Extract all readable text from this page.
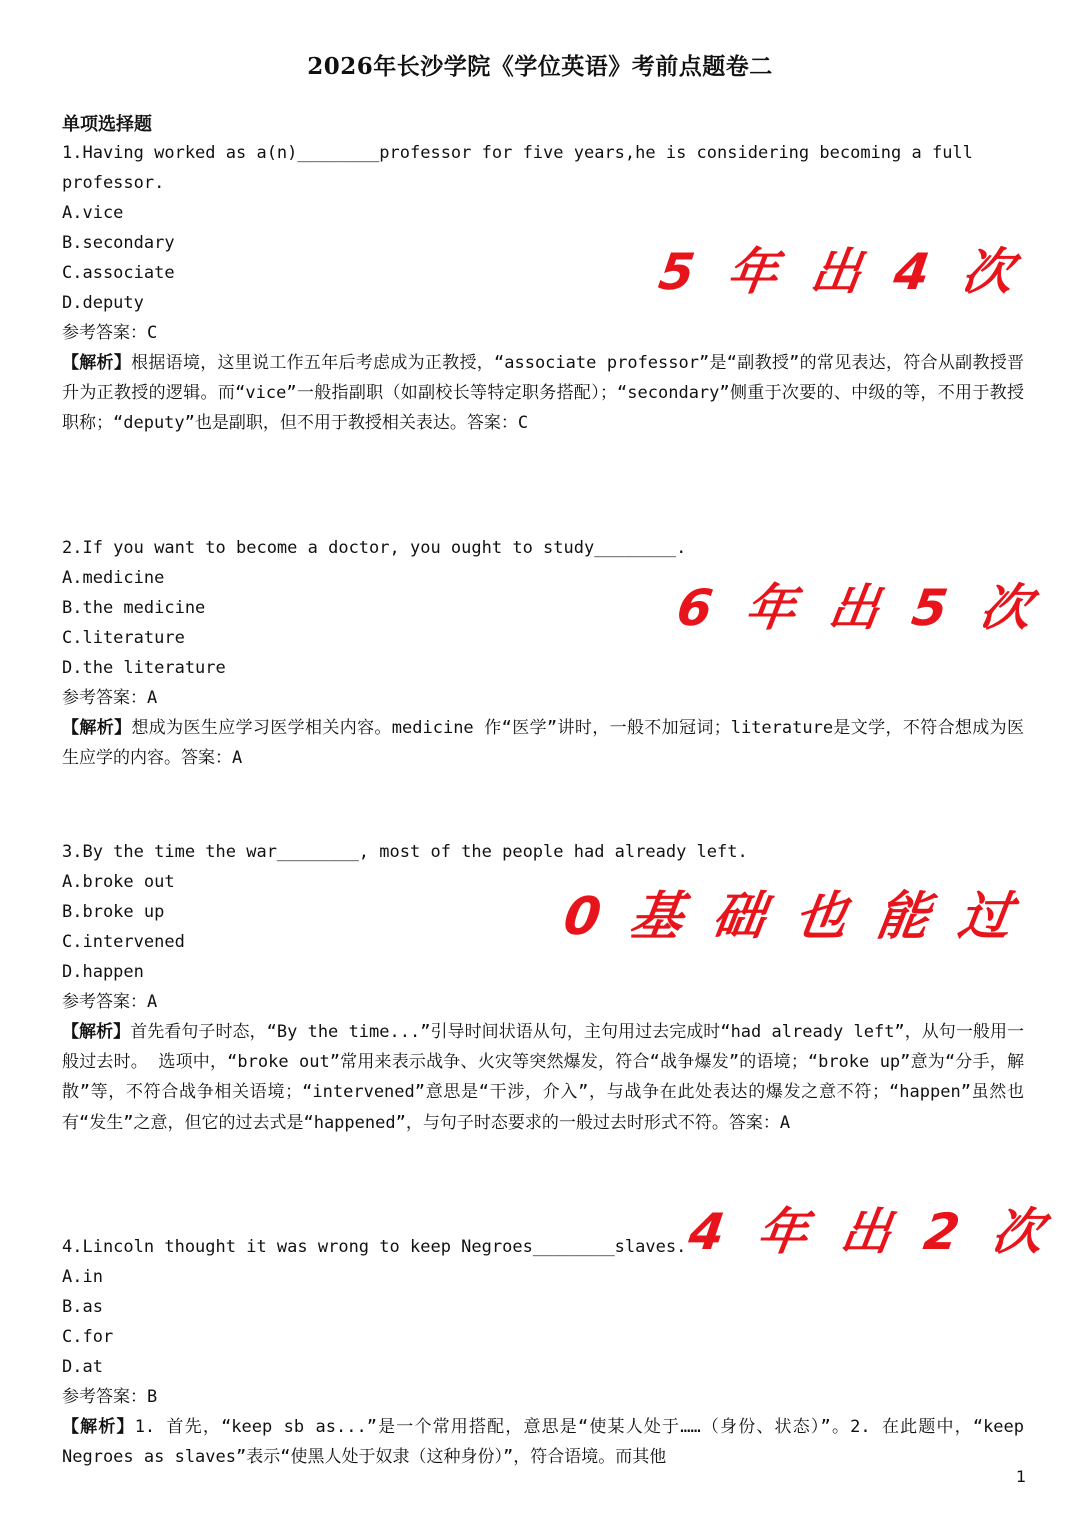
2026年长沙学院《学位英语》考前点题卷二
单项选择题
1.Having worked as a(n)________professor for five years,he is considering becoming a full
professor.
A.vice
B.secondary
C.associate
D.deputy
参考答案：C
【解析】根据语境，这里说工作五年后考虑成为正教授，“associate professor”是“副教授”的常见表达，符合从副教授晋升为正教授的逻辑。而“vice”一般指副职（如副校长等特定职务搭配）；“secondary”侧重于次要的、中级的等，不用于教授职称；“deputy”也是副职，但不用于教授相关表达。答案：C
5 年 出 4 次
2.If you want to become a doctor, you ought to study________.
A.medicine
B.the medicine
C.literature
D.the literature
参考答案：A
【解析】想成为医生应学习医学相关内容。medicine 作“医学”讲时，一般不加冠词；literature是文学，不符合想成为医生应学的内容。答案：A
6 年 出 5 次
3.By the time the war________, most of the people had already left.
A.broke out
B.broke up
C.intervened
D.happen
参考答案：A
【解析】首先看句子时态，“By the time...”引导时间状语从句，主句用过去完成时“had already left”，从句一般用一般过去时。 选项中，“broke out”常用来表示战争、火灾等突然爆发，符合“战争爆发”的语境；“broke up”意为“分手，解散”等，不符合战争相关语境；“intervened”意思是“干涉，介入”，与战争在此处表达的爆发之意不符；“happen”虽然也有“发生”之意，但它的过去式是“happened”，与句子时态要求的一般过去时形式不符。答案：A
0 基 础 也 能 过
4.Lincoln thought it was wrong to keep Negroes________slaves.
A.in
B.as
C.for
D.at
参考答案：B
【解析】1. 首先，“keep sb as...”是一个常用搭配，意思是“使某人处于……（身份、状态）”。2. 在此题中，“keep Negroes as slaves”表示“使黑人处于奴隶（这种身份）”，符合语境。而其他
4 年 出 2 次
1
